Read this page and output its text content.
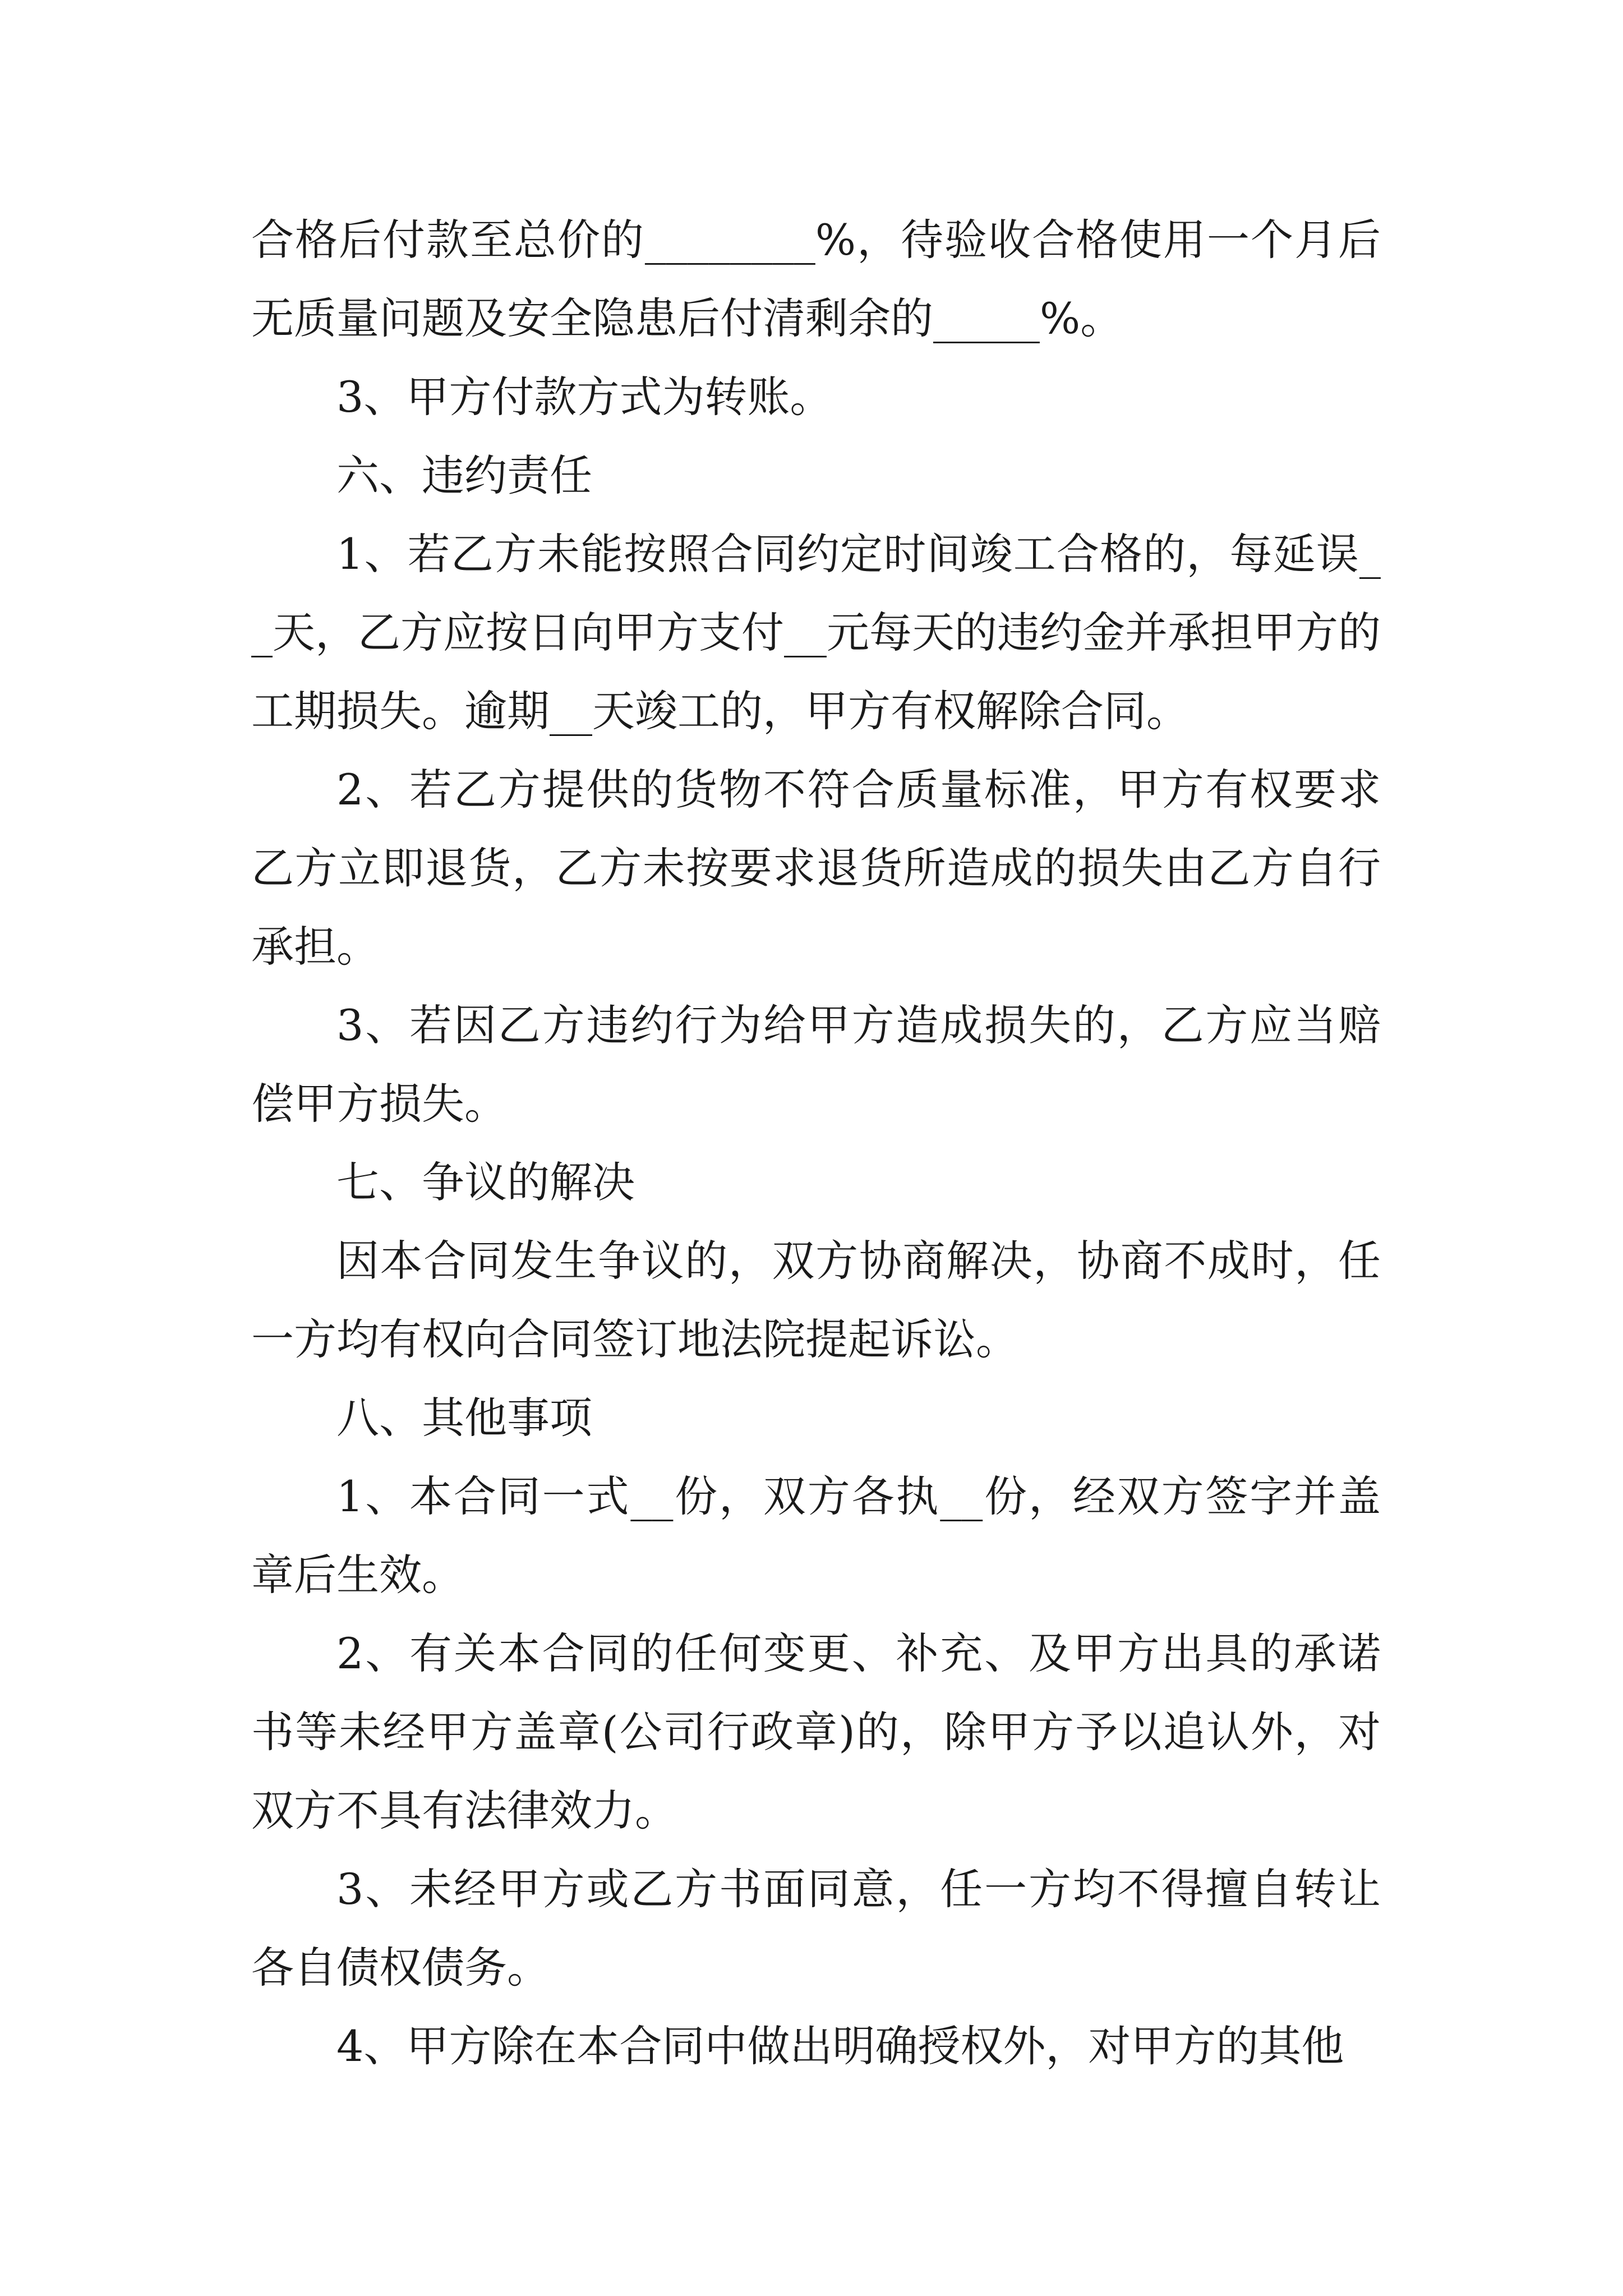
合格后付款至总价的________%，待验收合格使用一个月后无质量问题及安全隐患后付清剩余的_____%。

3、甲方付款方式为转账。

六、违约责任

1、若乙方未能按照合同约定时间竣工合格的，每延误__天，乙方应按日向甲方支付__元每天的违约金并承担甲方的工期损失。逾期__天竣工的，甲方有权解除合同。

2、若乙方提供的货物不符合质量标准，甲方有权要求乙方立即退货，乙方未按要求退货所造成的损失由乙方自行承担。

3、若因乙方违约行为给甲方造成损失的，乙方应当赔偿甲方损失。

七、争议的解决

因本合同发生争议的，双方协商解决，协商不成时，任一方均有权向合同签订地法院提起诉讼。

八、其他事项

1、本合同一式__份，双方各执__份，经双方签字并盖章后生效。

2、有关本合同的任何变更、补充、及甲方出具的承诺书等未经甲方盖章(公司行政章)的，除甲方予以追认外，对双方不具有法律效力。

3、未经甲方或乙方书面同意，任一方均不得擅自转让各自债权债务。

4、甲方除在本合同中做出明确授权外，对甲方的其他
